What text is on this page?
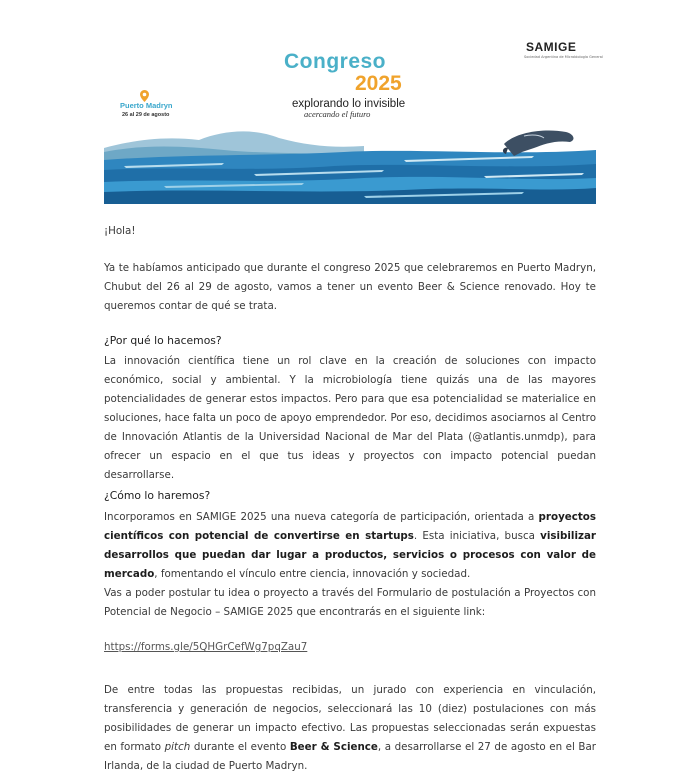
Congreso
2025
explorando lo invisible
acercando el futuro
Puerto Madryn
26 al 29 de agosto
SAMIGE
Sociedad Argentina de Microbiología General

¡Hola!

Ya te habíamos anticipado que durante el congreso 2025 que celebraremos en Puerto Madryn, Chubut del 26 al 29 de agosto, vamos a tener un evento Beer & Science renovado. Hoy te queremos contar de qué se trata.

¿Por qué lo hacemos?

La innovación científica tiene un rol clave en la creación de soluciones con impacto económico, social y ambiental. Y la microbiología tiene quizás una de las mayores potencialidades de generar estos impactos. Pero para que esa potencialidad se materialice en soluciones, hace falta un poco de apoyo emprendedor. Por eso, decidimos asociarnos al Centro de Innovación Atlantis de la Universidad Nacional de Mar del Plata (@atlantis.unmdp), para ofrecer un espacio en el que tus ideas y proyectos con impacto potencial puedan desarrollarse.

¿Cómo lo haremos?

Incorporamos en SAMIGE 2025 una nueva categoría de participación, orientada a proyectos científicos con potencial de convertirse en startups. Esta iniciativa, busca visibilizar desarrollos que puedan dar lugar a productos, servicios o procesos con valor de mercado, fomentando el vínculo entre ciencia, innovación y sociedad.

Vas a poder postular tu idea o proyecto a través del Formulario de postulación a Proyectos con Potencial de Negocio – SAMIGE 2025 que encontrarás en el siguiente link:

https://forms.gle/5QHGrCefWg7pqZau7

De entre todas las propuestas recibidas, un jurado con experiencia en vinculación, transferencia y generación de negocios, seleccionará las 10 (diez) postulaciones con más posibilidades de generar un impacto efectivo. Las propuestas seleccionadas serán expuestas en formato pitch durante el evento Beer & Science, a desarrollarse el 27 de agosto en el Bar Irlanda, de la ciudad de Puerto Madryn.
